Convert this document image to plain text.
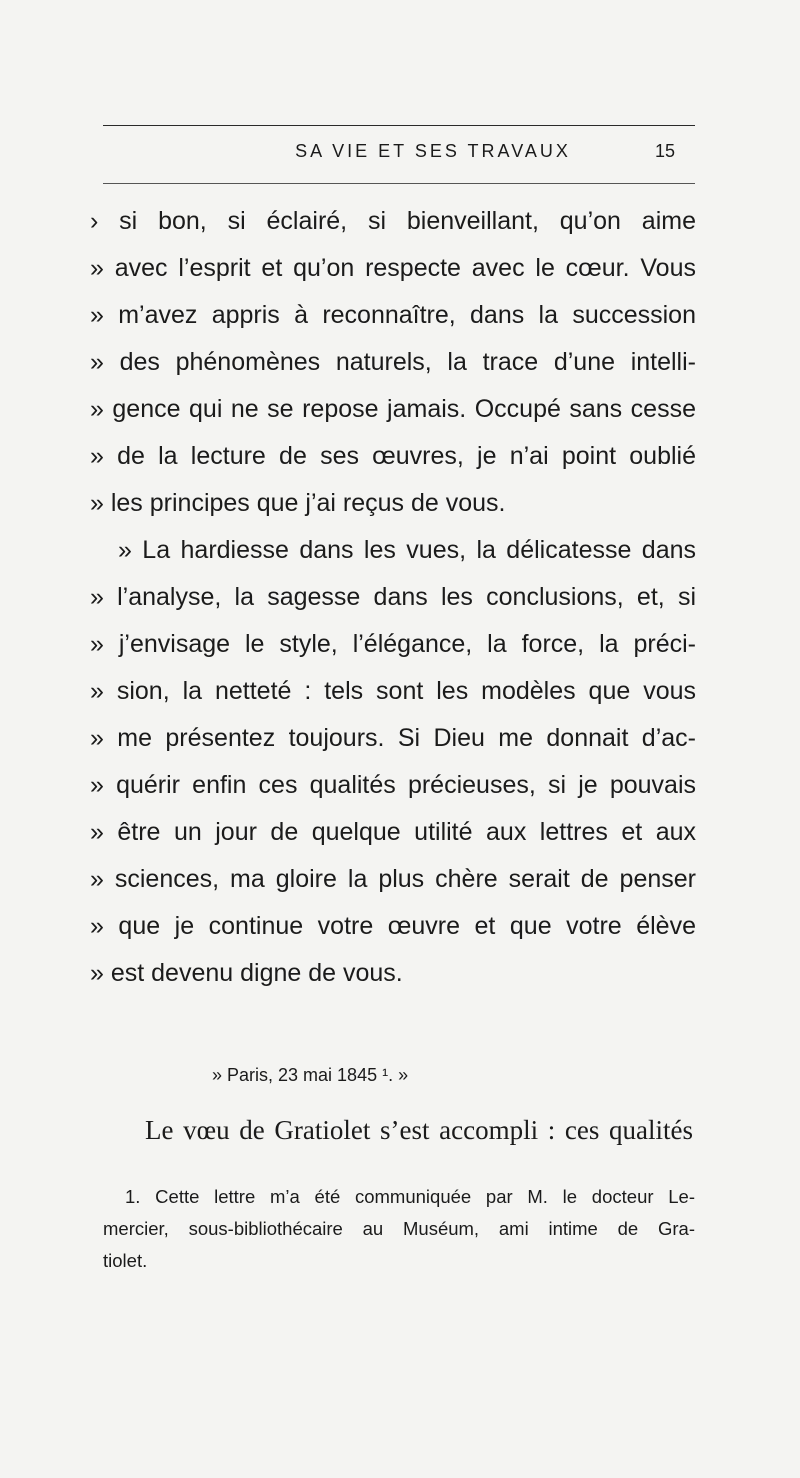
SA VIE ET SES TRAVAUX	15
› si bon, si éclairé, si bienveillant, qu’on aime
» avec l’esprit et qu’on respecte avec le cœur. Vous
» m’avez appris à reconnaître, dans la succession
» des phénomènes naturels, la trace d’une intelli-
» gence qui ne se repose jamais. Occupé sans cesse
» de la lecture de ses œuvres, je n’ai point oublié
» les principes que j’ai reçus de vous.
» La hardiesse dans les vues, la délicatesse dans
» l’analyse, la sagesse dans les conclusions, et, si
» j’envisage le style, l’élégance, la force, la préci-
» sion, la netteté : tels sont les modèles que vous
» me présentez toujours. Si Dieu me donnait d’ac-
» quérir enfin ces qualités précieuses, si je pouvais
» être un jour de quelque utilité aux lettres et aux
» sciences, ma gloire la plus chère serait de penser
» que je continue votre œuvre et que votre élève
» est devenu digne de vous.
» Paris, 23 mai 1845 ¹. »
Le vœu de Gratiolet s’est accompli : ces qualités
1. Cette lettre m’a été communiquée par M. le docteur Le-
mercier, sous-bibliothécaire au Muséum, ami intime de Gra-
tiolet.
